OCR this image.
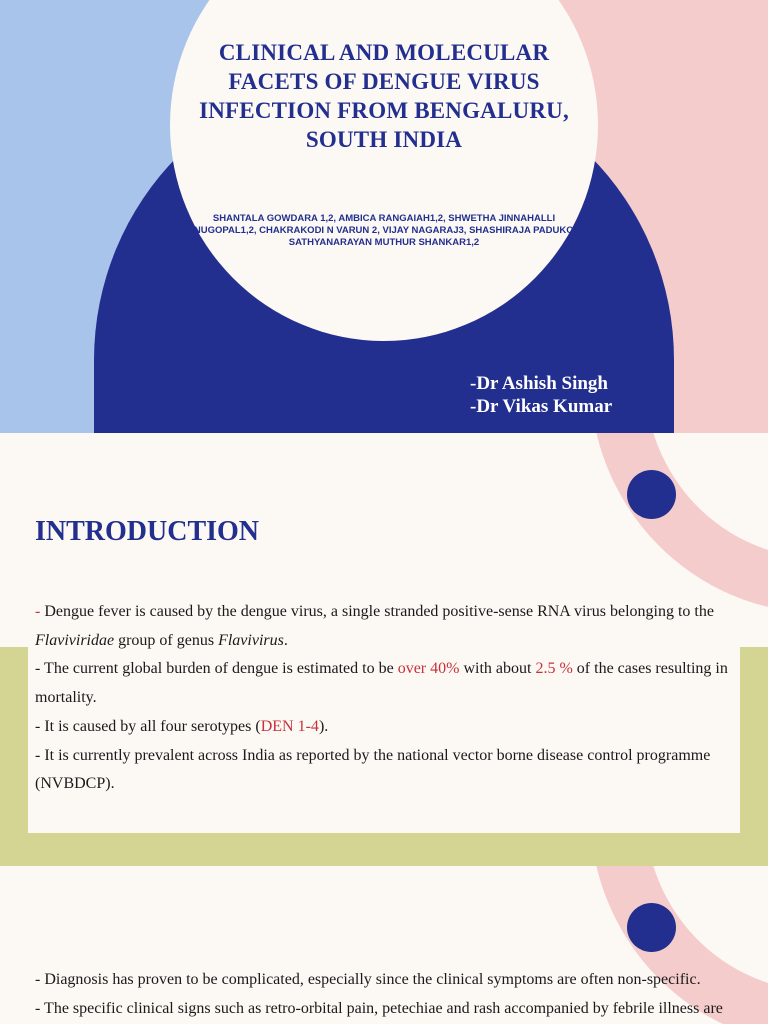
CLINICAL AND MOLECULAR
FACETS OF DENGUE VIRUS
INFECTION FROM BENGALURU,
SOUTH INDIA
SHANTALA GOWDARA 1,2, AMBICA RANGAIAH1,2, SHWETHA JINNAHALLI
VENUGOPAL1,2, CHAKRAKODI N VARUN 2, VIJAY NAGARAJ3, SHASHIRAJA PADUKONE
SATHYANARAYAN MUTHUR SHANKAR1,2
-Dr Ashish Singh
-Dr Vikas Kumar
INTRODUCTION
- Dengue fever is caused by the dengue virus, a single stranded positive-sense RNA virus belonging to the Flaviviridae group of genus Flavivirus.
- The current global burden of dengue is estimated to be over 40% with about 2.5 % of the cases resulting in mortality.
- It is caused by all four serotypes (DEN 1-4).
- It is currently prevalent across India as reported by the national vector borne disease control programme (NVBDCP).
- Diagnosis has proven to be complicated, especially since the clinical symptoms are often non-specific.
- The specific clinical signs such as retro-orbital pain, petechiae and rash accompanied by febrile illness are
